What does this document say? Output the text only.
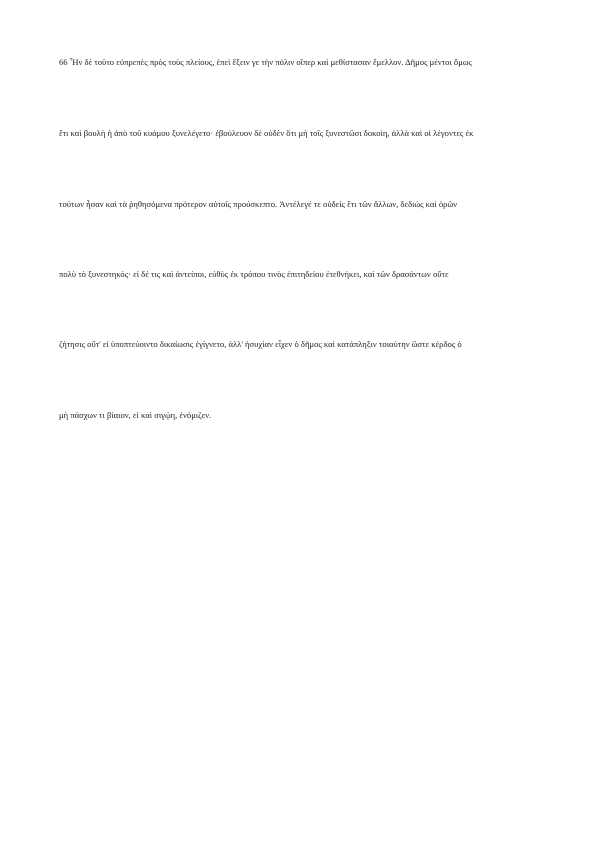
66 Ἦν δὲ τοῦτο εὐπρεπὲς πρὸς τοὺς πλείους, ἐπεὶ ἕξειν γε τὴν πόλιν οἵπερ καὶ μεθίστασαν ἔμελλον. Δῆμος μέντοι ὅμως
ἔτι καὶ βουλὴ ἡ ἀπὸ τοῦ κυάμου ξυνελέγετο· ἐβούλευον δὲ οὐδὲν ὅτι μὴ τοῖς ξυνεστῶσι δοκοίη, ἀλλὰ καὶ οἱ λέγοντες ἐκ
τούτων ἦσαν καὶ τὰ ῥηθησόμενα πρότερον αὐτοῖς προύσκεπτο. Ἀντέλεγέ τε οὐδεὶς ἔτι τῶν ἄλλων, δεδιὼς καὶ ὁρῶν
πολὺ τὸ ξυνεστηκός· εἰ δέ τις καὶ ἀντείποι, εὐθὺς ἐκ τρόπου τινὸς ἐπιτηδείου ἐτεθνήκει, καὶ τῶν δρασάντων οὔτε
ζήτησις οὔτ' εἰ ὑποπτεύοιντο δικαίωσις ἐγίγνετο, ἀλλ' ἡσυχίαν εἶχεν ὁ δῆμος καὶ κατάπληξιν τοιαύτην ὥστε κέρδος ὁ
μὴ πάσχων τι βίαιον, εἰ καὶ σιγῴη, ἐνόμιζεν.
